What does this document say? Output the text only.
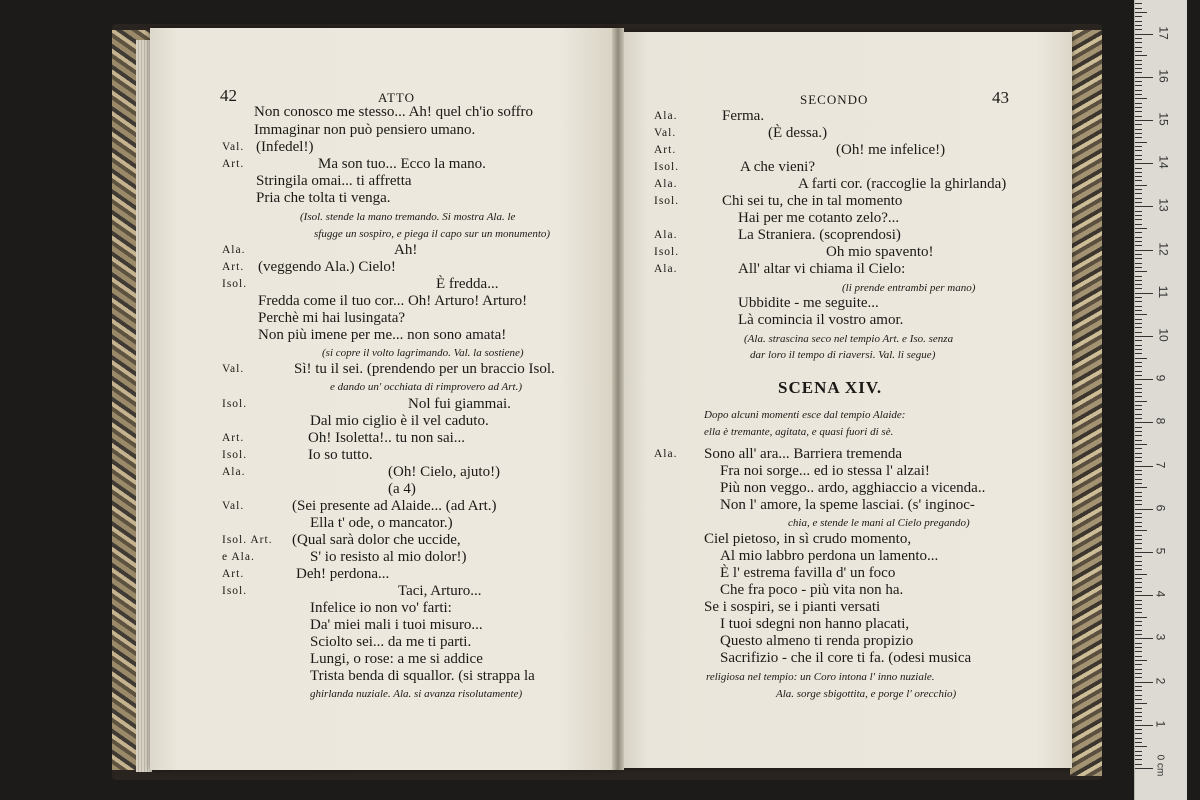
42	ATTO
Non conosco me stesso... Ah! quel ch'io soffro
Immaginar non può pensiero umano.
Val. (Infedel!)
Art.	Ma son tuo... Ecco la mano.
Stringila omai... ti affretta
Pria che tolta ti venga.
(Isol. stende la mano tremando. Si mostra Ala. le
sfugge un sospiro, e piega il capo sur un monumento)
Ala.	Ah!
Art. (veggendo Ala.) Cielo!
Isol.	È fredda...
Fredda come il tuo cor... Oh! Arturo! Arturo!
Perchè mi hai lusingata?
Non più imene per me... non sono amata!
(si copre il volto lagrimando. Val. la sostiene)
Val.	Sì! tu il sei. (prendendo per un braccio Isol.
e dando un' occhiata di rimprovero ad Art.)
Isol.	Nol fui giammai.
Dal mio ciglio è il vel caduto.
Art.	Oh! Isoletta!.. tu non sai...
Isol.	Io so tutto.
Ala.	(Oh! Cielo, ajuto!)
(a 4)
Val.	(Sei presente ad Alaide... (ad Art.)
Ella t' ode, o mancator.)
Isol. Art. (Qual sarà dolor che uccide,
e Ala.	S' io resisto al mio dolor!)
Art.	Deh! perdona...
Isol.	Taci, Arturo...
Infelice io non vo' farti:
Da' miei mali i tuoi misuro...
Sciolto sei... da me ti parti.
Lungi, o rose: a me si addice
Trista benda di squallor. (si strappa la
ghirlanda nuziale. Ala. si avanza risolutamente)
SECONDO	43
SCENA XIV.
Ala.	Ferma.
Val.	(È dessa.)
Art.	(Oh! me infelice!)
Isol.	A che vieni?
Ala.	A farti cor. (raccoglie la ghirlanda)
Isol.	Chi sei tu, che in tal momento
Hai per me cotanto zelo?...
Ala.	La Straniera. (scoprendosi)
Isol.	Oh mio spavento!
Ala.	All' altar vi chiama il Cielo:
(li prende entrambi per mano)
Ubbidite - me seguite...
Là comincia il vostro amor.
(Ala. strascina seco nel tempio Art. e Iso. senza
dar loro il tempo di riaversi. Val. li segue)
Dopo alcuni momenti esce dal tempio Alaide:
ella è tremante, agitata, e quasi fuori di sè.
Ala. Sono all' ara... Barriera tremenda
Fra noi sorge... ed io stessa l' alzai!
Più non veggo.. ardo, agghiaccio a vicenda..
Non l' amore, la speme lasciai. (s' inginoc-
chia, e stende le mani al Cielo pregando)
Ciel pietoso, in sì crudo momento,
Al mio labbro perdona un lamento...
È l' estrema favilla d' un foco
Che fra poco - più vita non ha.
Se i sospiri, se i pianti versati
I tuoi sdegni non hanno placati,
Questo almeno ti renda propizio
Sacrifizio - che il core ti fa. (odesi musica
religiosa nel tempio: un Coro intona l' inno nuziale.
Ala. sorge sbigottita, e porge l' orecchio)
0 cm
1
2
3
4
5
6
7
8
9
10
11
12
13
14
15
16
17
